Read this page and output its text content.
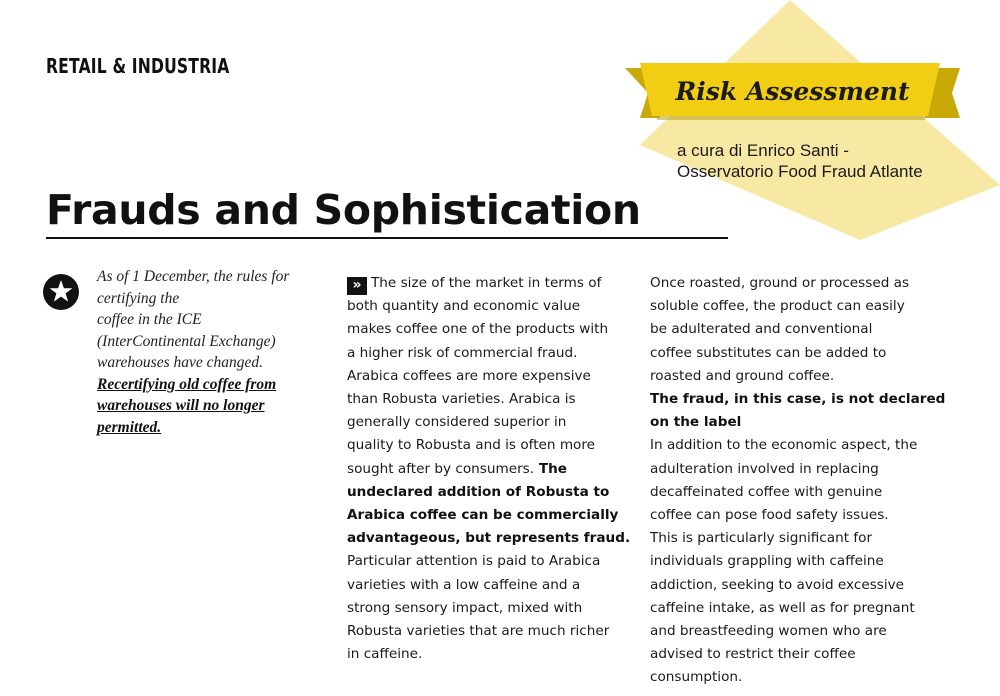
RETAIL & INDUSTRIA
Risk Assessment
a cura di Enrico Santi -
Osservatorio Food Fraud Atlante
Frauds and Sophistication
As of 1 December, the rules for
certifying the
coffee in the ICE
(InterContinental Exchange)
warehouses have changed.
Recertifying old coffee from
warehouses will no longer
permitted.
» The size of the market in terms of
both quantity and economic value
makes coffee one of the products with
a higher risk of commercial fraud.
Arabica coffees are more expensive
than Robusta varieties. Arabica is
generally considered superior in
quality to Robusta and is often more
sought after by consumers. The
undeclared addition of Robusta to
Arabica coffee can be commercially
advantageous, but represents fraud.
Particular attention is paid to Arabica
varieties with a low caffeine and a
strong sensory impact, mixed with
Robusta varieties that are much richer
in caffeine.
Once roasted, ground or processed as
soluble coffee, the product can easily
be adulterated and conventional
coffee substitutes can be added to
roasted and ground coffee.
The fraud, in this case, is not declared
on the label
In addition to the economic aspect, the
adulteration involved in replacing
decaffeinated coffee with genuine
coffee can pose food safety issues.
This is particularly significant for
individuals grappling with caffeine
addiction, seeking to avoid excessive
caffeine intake, as well as for pregnant
and breastfeeding women who are
advised to restrict their coffee
consumption.
